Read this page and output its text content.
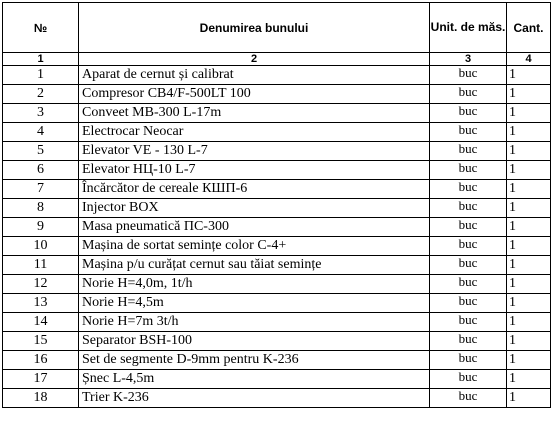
№	Denumirea bunului	Unit. de măs.	Cant.
1	2	3	4
1	Aparat de cernut și calibrat	buc	1
2	Compresor CB4/F-500LT 100	buc	1
3	Conveet MB-300 L-17m	buc	1
4	Electrocar Neocar	buc	1
5	Elevator VE - 130 L-7	buc	1
6	Elevator НЦ-10 L-7	buc	1
7	Încărcător de cereale КШП-6	buc	1
8	Injector BOX	buc	1
9	Masa pneumatică ПС-300	buc	1
10	Mașina de sortat semințe color C-4+	buc	1
11	Mașina p/u curățat cernut sau tăiat semințe	buc	1
12	Norie H=4,0m, 1t/h	buc	1
13	Norie H=4,5m	buc	1
14	Norie H=7m 3t/h	buc	1
15	Separator BSH-100	buc	1
16	Set de segmente D-9mm pentru K-236	buc	1
17	Șnec L-4,5m	buc	1
18	Trier K-236	buc	1
